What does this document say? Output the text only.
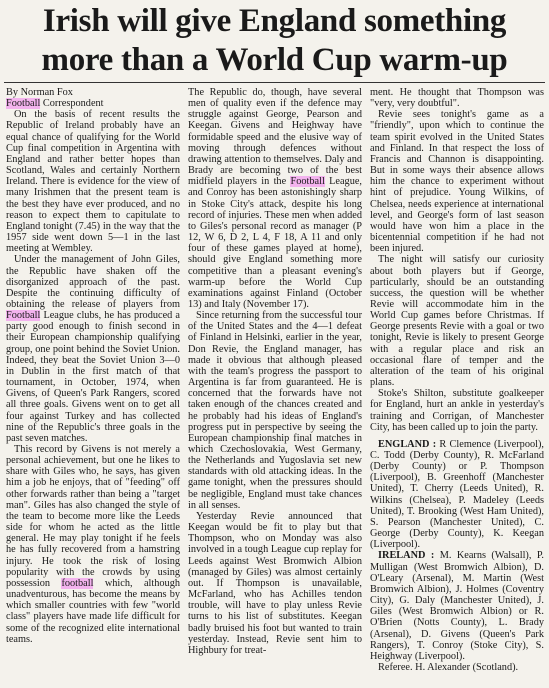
Irish will give England something
more than a World Cup warm-up

By Norman Fox

Football Correspondent

On the basis of recent results the Republic of Ireland probably have an equal chance of qualifying for the World Cup final competition in Argentina with England and rather better hopes than Scotland, Wales and certainly Northern Ireland. There is evidence for the view of many Irishmen that the present team is the best they have ever produced, and no reason to expect them to capitulate to England tonight (7.45) in the way that the 1957 side went down 5—1 in the last meeting at Wembley.

Under the management of John Giles, the Republic have shaken off the disorganized approach of the past. Despite the continuing difficulty of obtaining the release of players from Football League clubs, he has produced a party good enough to finish second in their European championship qualifying group, one point behind the Soviet Union. Indeed, they beat the Soviet Union 3—0 in Dublin in the first match of that tournament, in October, 1974, when Givens, of Queen's Park Rangers, scored all three goals. Givens went on to get all four against Turkey and has collected nine of the Republic's three goals in the past seven matches.

This record by Givens is not merely a personal achievement, but one he likes to share with Giles who, he says, has given him a job he enjoys, that of "feeding" off other forwards rather than being a "target man". Giles has also changed the style of the team to become more like the Leeds side for whom he acted as the little general. He may play tonight if he feels he has fully recovered from a hamstring injury. He took the risk of losing popularity with the crowds by using possession football which, although unadventurous, has become the means by which smaller countries with few "world class" players have made life difficult for some of the recognized elite international teams.

The Republic do, though, have several men of quality even if the defence may struggle against George, Pearson and Keegan. Givens and Heighway have formidable speed and the elusive way of moving through defences without drawing attention to themselves. Daly and Brady are becoming two of the best midfield players in the Football League, and Conroy has been astonishingly sharp in Stoke City's attack, despite his long record of injuries. These men when added to Giles's personal record as manager (P 12, W 6, D 2, L 4, F 18, A 11 and only four of these games played at home), should give England something more competitive than a pleasant evening's warm-up before the World Cup examinations against Finland (October 13) and Italy (November 17).

Since returning from the successful tour of the United States and the 4—1 defeat of Finland in Helsinki, earlier in the year, Don Revie, the England manager, has made it obvious that although pleased with the team's progress the passport to Argentina is far from guaranteed. He is concerned that the forwards have not taken enough of the chances created and he probably had his ideas of England's progress put in perspective by seeing the European championship final matches in which Czechoslovakia, West Germany, the Netherlands and Yugoslavia set new standards with old attacking ideas. In the game tonight, when the pressures should be negligible, England must take chances in all senses.

Yesterday Revie announced that Keegan would be fit to play but that Thompson, who on Monday was also involved in a tough League cup replay for Leeds against West Bromwich Albion (managed by Giles) was almost certainly out. If Thompson is unavailable, McFarland, who has Achilles tendon trouble, will have to play unless Revie turns to his list of substitutes. Keegan badly bruised his foot but wanted to train yesterday. Instead, Revie sent him to Highbury for treat-

ment. He thought that Thompson was "very, very doubtful".

Revie sees tonight's game as a "friendly", upon which to continue the team spirit evolved in the United States and Finland. In that respect the loss of Francis and Channon is disappointing. But in some ways their absence allows him the chance to experiment without hint of prejudice. Young Wilkins, of Chelsea, needs experience at international level, and George's form of last season would have won him a place in the bicentennial competition if he had not been injured.

The night will satisfy our curiosity about both players but if George, particularly, should be an outstanding success, the question will be whether Revie will accommodate him in the World Cup games before Christmas. If George presents Revie with a goal or two tonight, Revie is likely to present George with a regular place and risk an occasional flare of temper and the alteration of the team of his original plans.

Stoke's Shilton, substitute goalkeeper for England, hurt an ankle in yesterday's training and Corrigan, of Manchester City, has been called up to join the party.

ENGLAND : R Clemence (Liverpool), C. Todd (Derby County), R. McFarland (Derby County) or P. Thompson (Liverpool), B. Greenhoff (Manchester United), T. Cherry (Leeds United), R. Wilkins (Chelsea), P. Madeley (Leeds United), T. Brooking (West Ham United), S. Pearson (Manchester United), C. George (Derby County), K. Keegan (Liverpool).

IRELAND : M. Kearns (Walsall), P. Mulligan (West Bromwich Albion), D. O'Leary (Arsenal), M. Martin (West Bromwich Albion), J. Holmes (Coventry City), G. Daly (Manchester United), J. Giles (West Bromwich Albion) or R. O'Brien (Notts County), L. Brady (Arsenal), D. Givens (Queen's Park Rangers), T. Conroy (Stoke City), S. Heighway (Liverpool).

Referee. H. Alexander (Scotland).
